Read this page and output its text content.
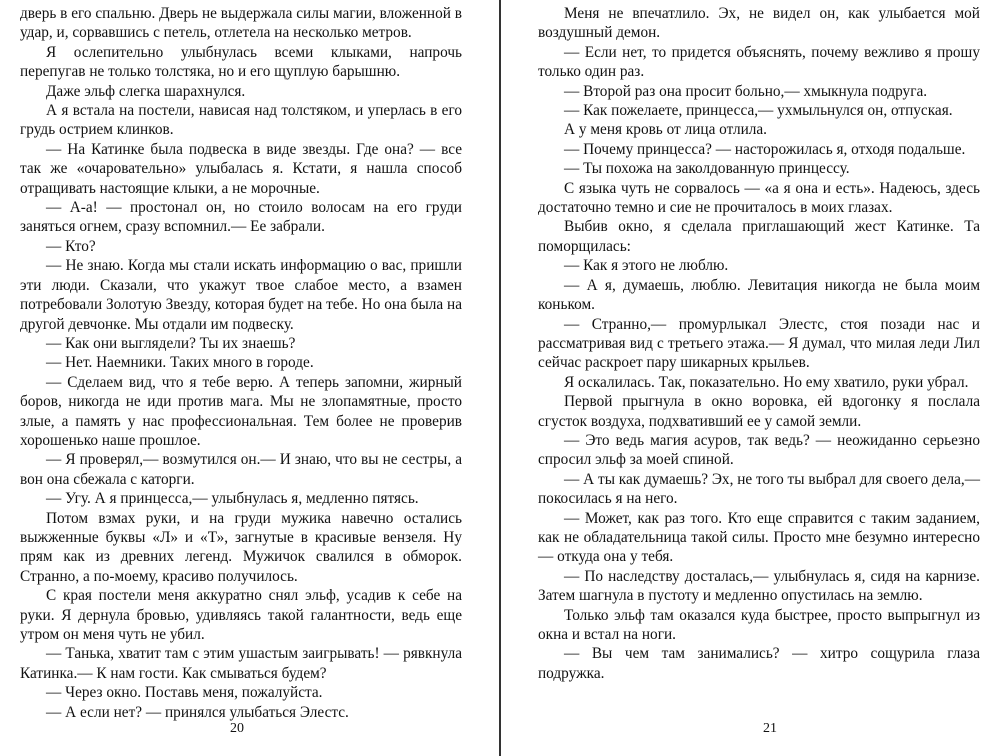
дверь в его спальню. Дверь не выдержала силы магии, вложенной в удар, и, сорвавшись с петель, отлетела на несколько метров.

Я ослепительно улыбнулась всеми клыками, напрочь перепугав не только толстяка, но и его щуплую барышню.

Даже эльф слегка шарахнулся.

А я встала на постели, нависая над толстяком, и уперлась в его грудь острием клинков.

— На Катинке была подвеска в виде звезды. Где она? — все так же «очаровательно» улыбалась я. Кстати, я нашла способ отращивать настоящие клыки, а не морочные.

— А-а! — простонал он, но стоило волосам на его груди заняться огнем, сразу вспомнил.— Ее забрали.

— Кто?

— Не знаю. Когда мы стали искать информацию о вас, пришли эти люди. Сказали, что укажут твое слабое место, а взамен потребовали Золотую Звезду, которая будет на тебе. Но она была на другой девчонке. Мы отдали им подвеску.

— Как они выглядели? Ты их знаешь?

— Нет. Наемники. Таких много в городе.

— Сделаем вид, что я тебе верю. А теперь запомни, жирный боров, никогда не иди против мага. Мы не злопамятные, просто злые, а память у нас профессиональная. Тем более не проверив хорошенько наше прошлое.

— Я проверял,— возмутился он.— И знаю, что вы не сестры, а вон она сбежала с каторги.

— Угу. А я принцесса,— улыбнулась я, медленно пятясь.

Потом взмах руки, и на груди мужика навечно остались выжженные буквы «Л» и «Т», загнутые в красивые вензеля. Ну прям как из древних легенд. Мужичок свалился в обморок. Странно, а по-моему, красиво получилось.

С края постели меня аккуратно снял эльф, усадив к себе на руки. Я дернула бровью, удивляясь такой галантности, ведь еще утром он меня чуть не убил.

— Танька, хватит там с этим ушастым заигрывать! — рявкнула Катинка.— К нам гости. Как смываться будем?

— Через окно. Поставь меня, пожалуйста.

— А если нет? — принялся улыбаться Элестс.

20

Меня не впечатлило. Эх, не видел он, как улыбается мой воздушный демон.

— Если нет, то придется объяснять, почему вежливо я прошу только один раз.

— Второй раз она просит больно,— хмыкнула подруга.

— Как пожелаете, принцесса,— ухмыльнулся он, отпуская.

А у меня кровь от лица отлила.

— Почему принцесса? — насторожилась я, отходя подальше.

— Ты похожа на заколдованную принцессу.

С языка чуть не сорвалось — «а я она и есть». Надеюсь, здесь достаточно темно и сие не прочиталось в моих глазах.

Выбив окно, я сделала приглашающий жест Катинке. Та поморщилась:

— Как я этого не люблю.

— А я, думаешь, люблю. Левитация никогда не была моим коньком.

— Странно,— промурлыкал Элестс, стоя позади нас и рассматривая вид с третьего этажа.— Я думал, что милая леди Лил сейчас раскроет пару шикарных крыльев.

Я оскалилась. Так, показательно. Но ему хватило, руки убрал.

Первой прыгнула в окно воровка, ей вдогонку я послала сгусток воздуха, подхвативший ее у самой земли.

— Это ведь магия асуров, так ведь? — неожиданно серьезно спросил эльф за моей спиной.

— А ты как думаешь? Эх, не того ты выбрал для своего дела,— покосилась я на него.

— Может, как раз того. Кто еще справится с таким заданием, как не обладательница такой силы. Просто мне безумно интересно — откуда она у тебя.

— По наследству досталась,— улыбнулась я, сидя на карнизе. Затем шагнула в пустоту и медленно опустилась на землю.

Только эльф там оказался куда быстрее, просто выпрыгнул из окна и встал на ноги.

— Вы чем там занимались? — хитро сощурила глаза подружка.

21
